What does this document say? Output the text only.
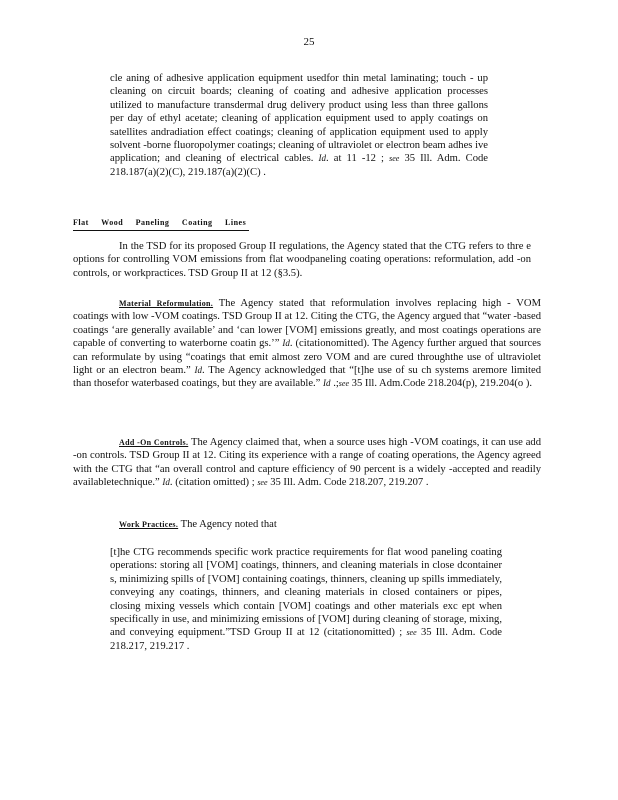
25
cle aning of adhesive application equipment usedfor thin metal laminating; touch - up cleaning on circuit boards; cleaning of coating and adhesive application processes utilized to manufacture transdermal drug delivery product using less than three gallons per day of ethyl acetate; cleaning of application equipment used to apply coatings on satellites andradiation effect coatings; cleaning of application equipment used to apply solvent -borne fluoropolymer coatings; cleaning of ultraviolet or electron beam adhes ive application; and cleaning of electrical cables. Id. at 11 -12 ; see 35 Ill. Adm. Code 218.187(a)(2)(C), 219.187(a)(2)(C) .
Flat Wood Paneling Coating Lines
In the TSD for its proposed Group II regulations, the Agency stated that the CTG refers to thre e options for controlling VOM emissions from flat woodpaneling coating operations: reformulation, add -on controls, or workpractices. TSD Group II at 12 (§3.5).
Material Reformulation. The Agency stated that reformulation involves replacing high - VOM coatings with low -VOM coatings. TSD Group II at 12. Citing the CTG, the Agency argued that “water -based coatings ‘are generally available’ and ‘can lower [VOM] emissions greatly, and most coatings operations are capable of converting to waterborne coatin gs.’” Id. (citationomitted). The Agency further argued that sources can reformulate by using “coatings that emit almost zero VOM and are cured throughthe use of ultraviolet light or an electron beam.” Id. The Agency acknowledged that “[t]he use of su ch systems aremore limited than thosefor waterbased coatings, but they are available.” Id .;see 35 Ill. Adm.Code 218.204(p), 219.204(o ).
Add -On Controls. The Agency claimed that, when a source uses high -VOM coatings, it can use add -on controls. TSD Group II at 12. Citing its experience with a range of coating operations, the Agency agreed with the CTG that “an overall control and capture efficiency of 90 percent is a widely -accepted and readily availabletechnique.” Id. (citation omitted) ; see 35 Ill. Adm. Code 218.207, 219.207 .
Work Practices. The Agency noted that
[t]he CTG recommends specific work practice requirements for flat wood paneling coating operations: storing all [VOM] coatings, thinners, and cleaning materials in close dcontainer s, minimizing spills of [VOM] containing coatings, thinners, cleaning up spills immediately, conveying any coatings, thinners, and cleaning materials in closed containers or pipes, closing mixing vessels which contain [VOM] coatings and other materials exc ept when specifically in use, and minimizing emissions of [VOM] during cleaning of storage, mixing, and conveying equipment.”TSD Group II at 12 (citationomitted) ; see 35 Ill. Adm. Code 218.217, 219.217 .
